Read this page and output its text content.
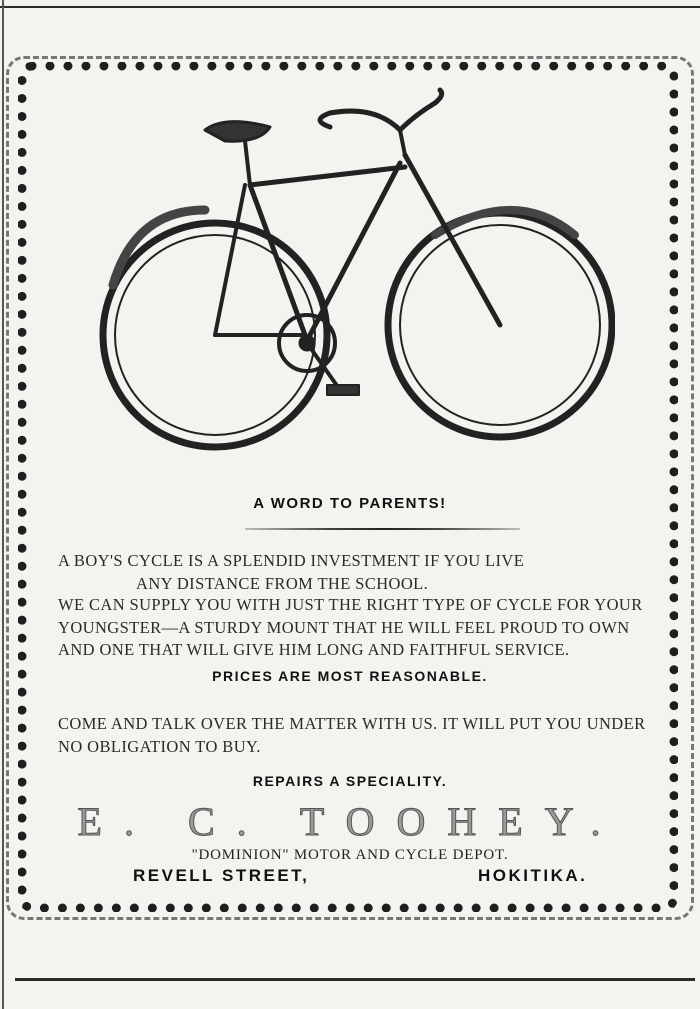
A WORD TO PARENTS!
A BOY'S CYCLE IS A SPLENDID INVESTMENT IF YOU LIVE
ANY DISTANCE FROM THE SCHOOL.
WE CAN SUPPLY YOU WITH JUST THE RIGHT TYPE OF CYCLE FOR YOUR YOUNGSTER—A STURDY MOUNT THAT HE WILL FEEL PROUD TO OWN AND ONE THAT WILL GIVE HIM LONG AND FAITHFUL SERVICE.
PRICES ARE MOST REASONABLE.
COME AND TALK OVER THE MATTER WITH US. IT WILL PUT YOU UNDER NO OBLIGATION TO BUY.
REPAIRS A SPECIALITY.
E. C. TOOHEY.
"DOMINION" MOTOR AND CYCLE DEPOT.
REVELL STREET,	HOKITIKA.
